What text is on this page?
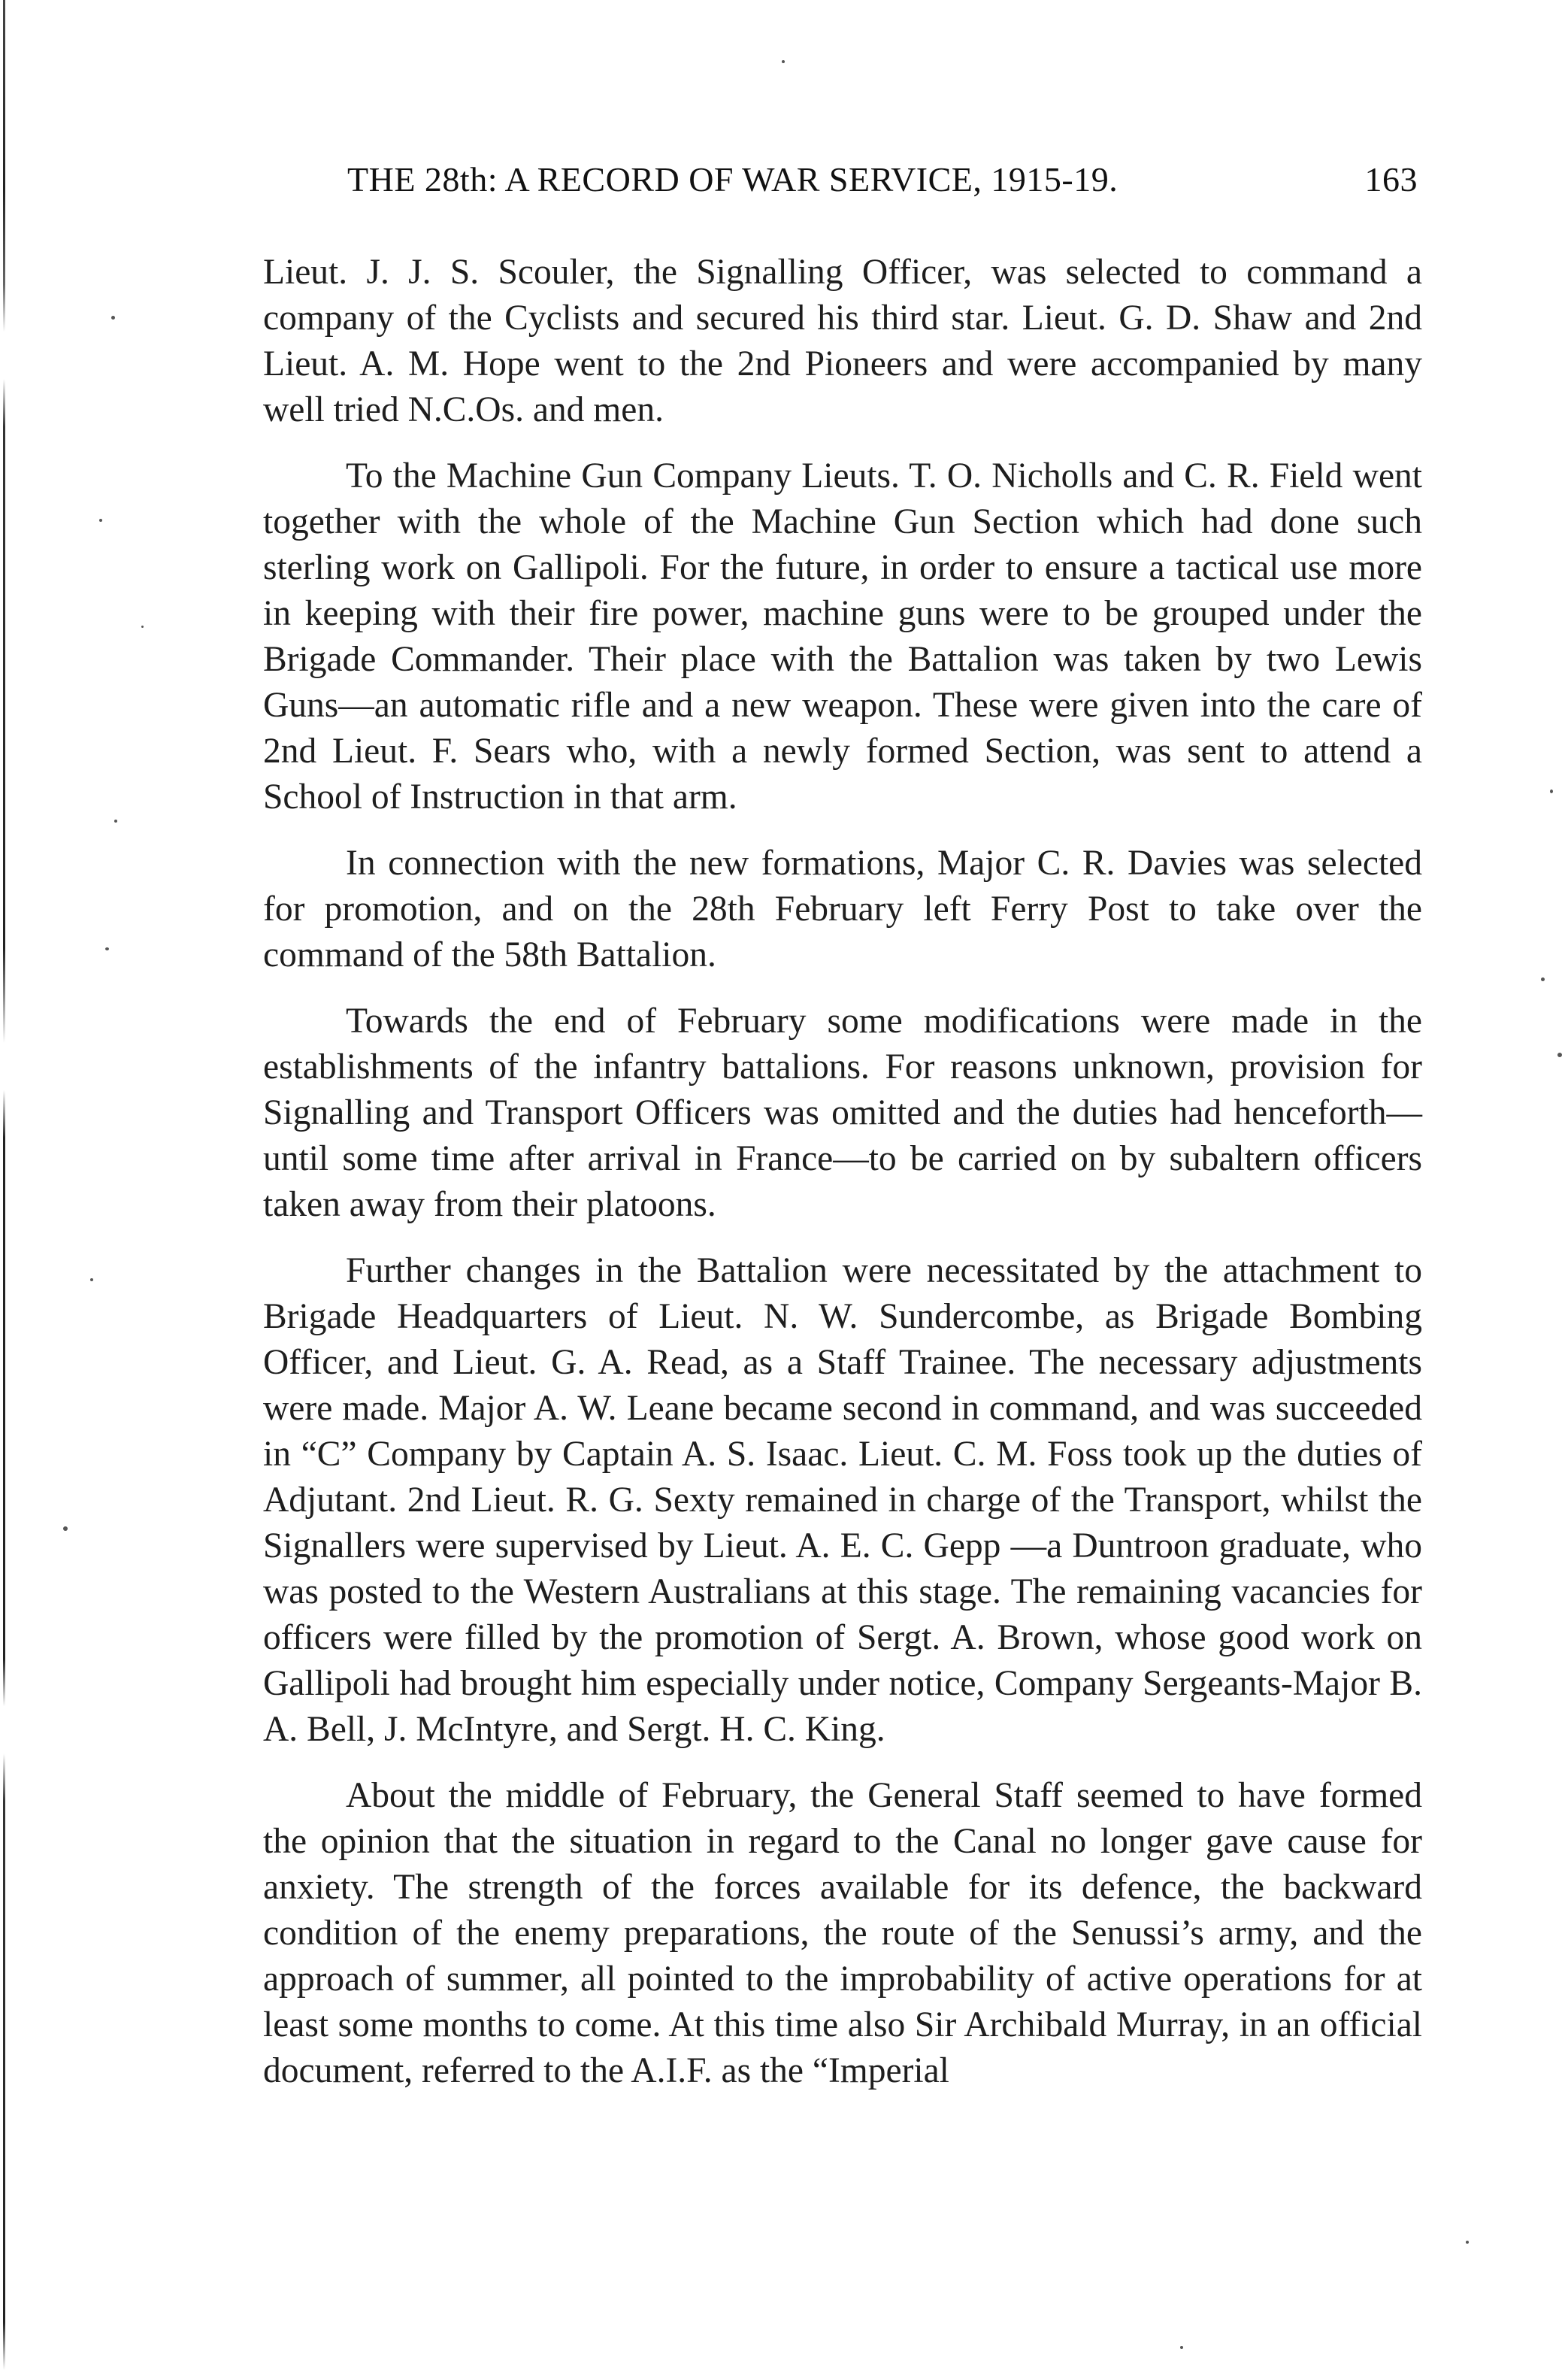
THE 28th: A RECORD OF WAR SERVICE, 1915-19.	163

Lieut. J. J. S. Scouler, the Signalling Officer, was selected to command a company of the Cyclists and secured his third star. Lieut. G. D. Shaw and 2nd Lieut. A. M. Hope went to the 2nd Pioneers and were accompanied by many well tried N.C.Os. and men.

To the Machine Gun Company Lieuts. T. O. Nicholls and C. R. Field went together with the whole of the Machine Gun Section which had done such sterling work on Gallipoli. For the future, in order to ensure a tactical use more in keeping with their fire power, machine guns were to be grouped under the Brigade Commander. Their place with the Battalion was taken by two Lewis Guns—an automatic rifle and a new weapon. These were given into the care of 2nd Lieut. F. Sears who, with a newly formed Section, was sent to attend a School of Instruction in that arm.

In connection with the new formations, Major C. R. Davies was selected for promotion, and on the 28th February left Ferry Post to take over the command of the 58th Battalion.

Towards the end of February some modifications were made in the establishments of the infantry battalions. For reasons unknown, provision for Signalling and Transport Officers was omitted and the duties had henceforth—until some time after arrival in France—to be carried on by subaltern officers taken away from their platoons.

Further changes in the Battalion were necessitated by the attachment to Brigade Headquarters of Lieut. N. W. Sundercombe, as Brigade Bombing Officer, and Lieut. G. A. Read, as a Staff Trainee. The necessary adjustments were made. Major A. W. Leane became second in command, and was succeeded in “C” Company by Captain A. S. Isaac. Lieut. C. M. Foss took up the duties of Adjutant. 2nd Lieut. R. G. Sexty remained in charge of the Transport, whilst the Signallers were supervised by Lieut. A. E. C. Gepp —a Duntroon graduate, who was posted to the Western Australians at this stage. The remaining vacancies for officers were filled by the promotion of Sergt. A. Brown, whose good work on Gallipoli had brought him especially under notice, Company Sergeants-Major B. A. Bell, J. McIntyre, and Sergt. H. C. King.

About the middle of February, the General Staff seemed to have formed the opinion that the situation in regard to the Canal no longer gave cause for anxiety. The strength of the forces available for its defence, the backward condition of the enemy preparations, the route of the Senussi’s army, and the approach of summer, all pointed to the improbability of active operations for at least some months to come. At this time also Sir Archibald Murray, in an official document, referred to the A.I.F. as the “Imperial
